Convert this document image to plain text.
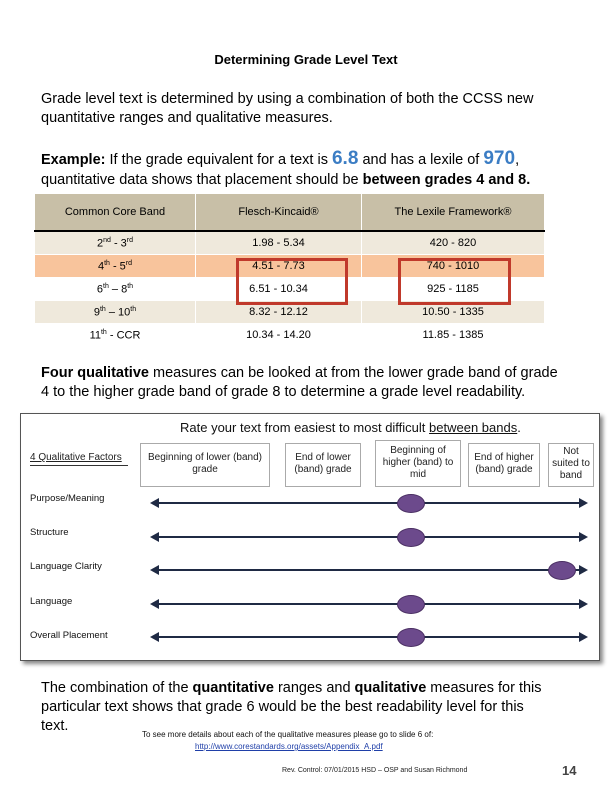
Determining Grade Level Text
Grade level text is determined by using a combination of both the CCSS new quantitative ranges and qualitative measures.
Example: If the grade equivalent for a text is 6.8 and has a lexile of 970, quantitative data shows that placement should be between grades 4 and 8.
Common Core Band	Flesch-Kincaid®	The Lexile Framework®
2nd - 3rd	1.98 - 5.34	420 - 820
4th - 5rd	4.51 - 7.73	740 - 1010
6th – 8th	6.51 - 10.34	925 - 1185
9th – 10th	8.32 - 12.12	10.50 - 1335
11th - CCR	10.34 - 14.20	11.85 - 1385
Four qualitative measures can be looked at from the lower grade band of grade 4 to the higher grade band of grade 8 to determine a grade level readability.
Rate your text from easiest to most difficult between bands.
4 Qualitative Factors	Beginning of lower (band) grade
End of lower (band) grade
Beginning of higher (band) to mid
End of higher (band) grade
Not suited to band
Purpose/Meaning
Structure
Language Clarity
Language
Overall Placement
The combination of the quantitative ranges and qualitative measures for this particular text shows that grade 6 would be the best readability level for this text.
To see more details about each of the qualitative measures please go to slide 6 of:
http://www.corestandards.org/assets/Appendix_A.pdf
Rev. Control: 07/01/2015 HSD – OSP and Susan Richmond	14
